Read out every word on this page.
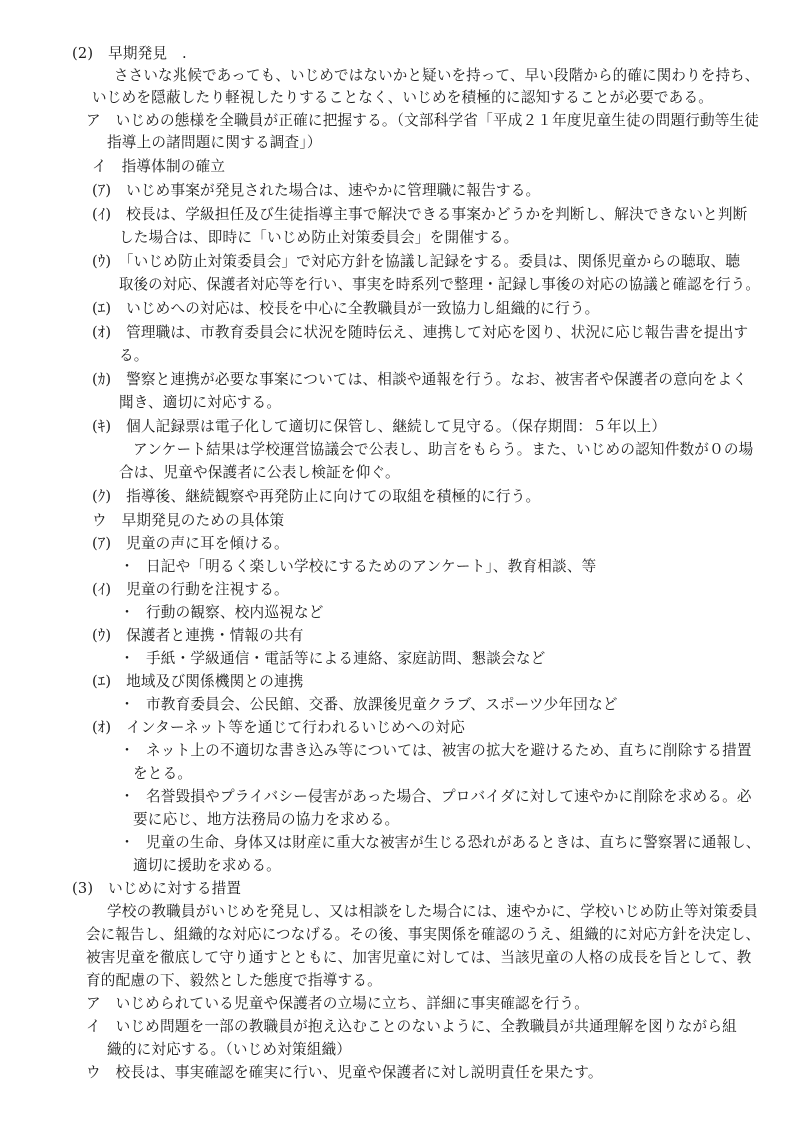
(2)　早期発見　.
ささいな兆候であっても、いじめではないかと疑いを持って、早い段階から的確に関わりを持ち、
いじめを隠蔽したり軽視したりすることなく、いじめを積極的に認知することが必要である。
ア　いじめの態様を全職員が正確に把握する。（文部科学省「平成２１年度児童生徒の問題行動等生徒
指導上の諸問題に関する調査」）
イ　指導体制の確立
(ｱ)　いじめ事案が発見された場合は、速やかに管理職に報告する。
(ｲ)　校長は、学級担任及び生徒指導主事で解決できる事案かどうかを判断し、解決できないと判断
した場合は、即時に「いじめ防止対策委員会」を開催する。
(ｳ)　「いじめ防止対策委員会」で対応方針を協議し記録をする。委員は、関係児童からの聴取、聴
取後の対応、保護者対応等を行い、事実を時系列で整理・記録し事後の対応の協議と確認を行う。
(ｴ)　いじめへの対応は、校長を中心に全教職員が一致協力し組織的に行う。
(ｵ)　管理職は、市教育委員会に状況を随時伝え、連携して対応を図り、状況に応じ報告書を提出す
る。
(ｶ)　警察と連携が必要な事案については、相談や通報を行う。なお、被害者や保護者の意向をよく
聞き、適切に対応する。
(ｷ)　個人記録票は電子化して適切に保管し、継続して見守る。（保存期間：５年以上）
アンケート結果は学校運営協議会で公表し、助言をもらう。また、いじめの認知件数が０の場
合は、児童や保護者に公表し検証を仰ぐ。
(ｸ)　指導後、継続観察や再発防止に向けての取組を積極的に行う。
ウ　早期発見のための具体策
(ｱ)　児童の声に耳を傾ける。
・ 日記や「明るく楽しい学校にするためのアンケート」、教育相談、等
(ｲ)　児童の行動を注視する。
・ 行動の観察、校内巡視など
(ｳ)　保護者と連携・情報の共有
・ 手紙・学級通信・電話等による連絡、家庭訪問、懇談会など
(ｴ)　地域及び関係機関との連携
・ 市教育委員会、公民館、交番、放課後児童クラブ、スポーツ少年団など
(ｵ)　インターネット等を通じて行われるいじめへの対応
・ ネット上の不適切な書き込み等については、被害の拡大を避けるため、直ちに削除する措置
をとる。
・ 名誉毀損やプライバシー侵害があった場合、プロバイダに対して速やかに削除を求める。必
要に応じ、地方法務局の協力を求める。
・ 児童の生命、身体又は財産に重大な被害が生じる恐れがあるときは、直ちに警察署に通報し、
適切に援助を求める。
(3)　いじめに対する措置
学校の教職員がいじめを発見し、又は相談をした場合には、速やかに、学校いじめ防止等対策委員
会に報告し、組織的な対応につなげる。その後、事実関係を確認のうえ、組織的に対応方針を決定し、
被害児童を徹底して守り通すとともに、加害児童に対しては、当該児童の人格の成長を旨として、教
育的配慮の下、毅然とした態度で指導する。
ア　いじめられている児童や保護者の立場に立ち、詳細に事実確認を行う。
イ　いじめ問題を一部の教職員が抱え込むことのないように、全教職員が共通理解を図りながら組
織的に対応する。（いじめ対策組織）
ウ　校長は、事実確認を確実に行い、児童や保護者に対し説明責任を果たす。
